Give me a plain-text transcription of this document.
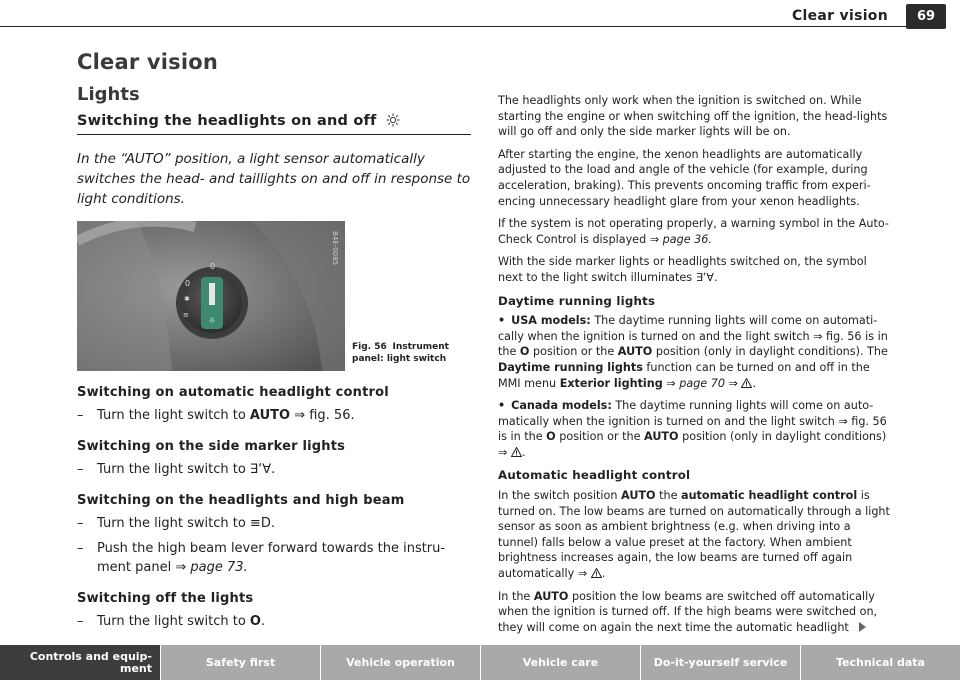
Clear vision	69
Clear vision
Lights
Switching the headlights on and off

In the “AUTO” position, a light sensor automatically switches the head- and taillights on and off in response to light conditions.

☼
0
✱
≡
0
B4E-0085
Fig. 56 Instrument panel: light switch
Switching on automatic headlight control

– Turn the light switch to AUTO ⇒ fig. 56.

Switching on the side marker lights

– Turn the light switch to ∃‘∀.

Switching on the headlights and high beam

– Turn the light switch to ≡D.

– Push the high beam lever forward towards the instru-ment panel ⇒ page 73.

Switching off the lights

– Turn the light switch to O.

The headlights only work when the ignition is switched on. While starting the engine or when switching off the ignition, the head-lights will go off and only the side marker lights will be on.

After starting the engine, the xenon headlights are automatically adjusted to the load and angle of the vehicle (for example, during acceleration, braking). This prevents oncoming traffic from experi-encing unnecessary headlight glare from your xenon headlights.

If the system is not operating properly, a warning symbol in the Auto-Check Control is displayed ⇒ page 36.

With the side marker lights or headlights switched on, the symbol next to the light switch illuminates ∃‘∀.

Daytime running lights

• USA models: The daytime running lights will come on automati-cally when the ignition is turned on and the light switch ⇒ fig. 56 is in the O position or the AUTO position (only in daylight conditions). The Daytime running lights function can be turned on and off in the MMI menu Exterior lighting ⇒ page 70 ⇒ .

• Canada models: The daytime running lights will come on auto-matically when the ignition is turned on and the light switch ⇒ fig. 56 is in the O position or the AUTO position (only in daylight conditions) ⇒ .

Automatic headlight control

In the switch position AUTO the automatic headlight control is turned on. The low beams are turned on automatically through a light sensor as soon as ambient brightness (e.g. when driving into a tunnel) falls below a value preset at the factory. When ambient brightness increases again, the low beams are turned off again automatically ⇒ .

In the AUTO position the low beams are switched off automatically when the ignition is turned off. If the high beams were switched on, they will come on again the next time the automatic headlight

Controls and equip-ment	Safety first	Vehicle operation	Vehicle care	Do-it-yourself service	Technical data
